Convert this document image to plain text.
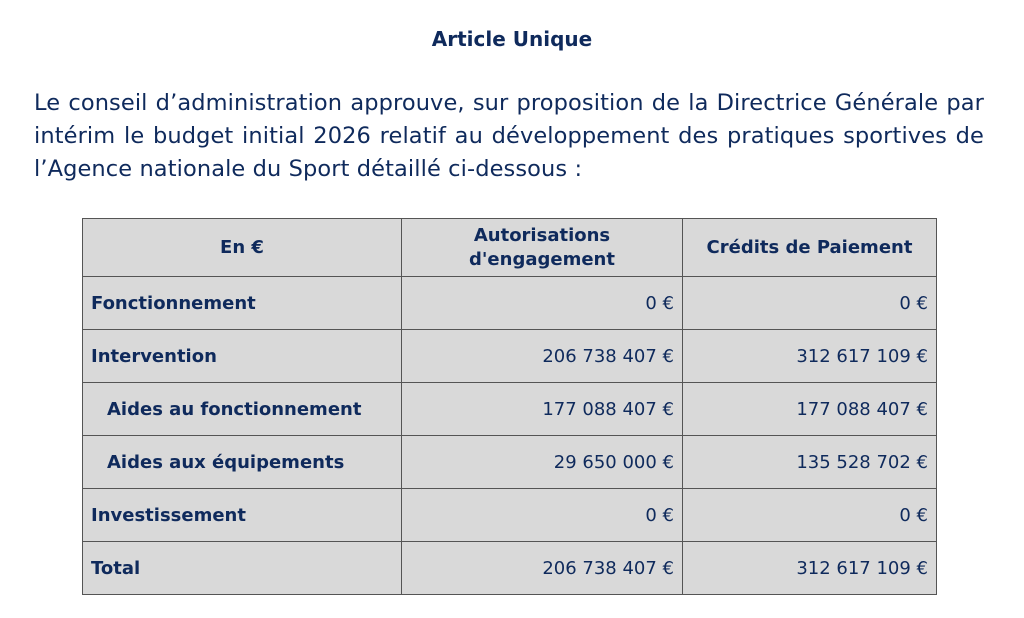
Article Unique
Le conseil d’administration approuve, sur proposition de la Directrice Générale par intérim le budget initial 2026 relatif au développement des pratiques sportives de l’Agence nationale du Sport détaillé ci-dessous :
En €	Autorisations d'engagement	Crédits de Paiement
Fonctionnement	0 €	0 €
Intervention	206 738 407 €	312 617 109 €
Aides au fonctionnement	177 088 407 €	177 088 407 €
Aides aux équipements	29 650 000 €	135 528 702 €
Investissement	0 €	0 €
Total	206 738 407 €	312 617 109 €
